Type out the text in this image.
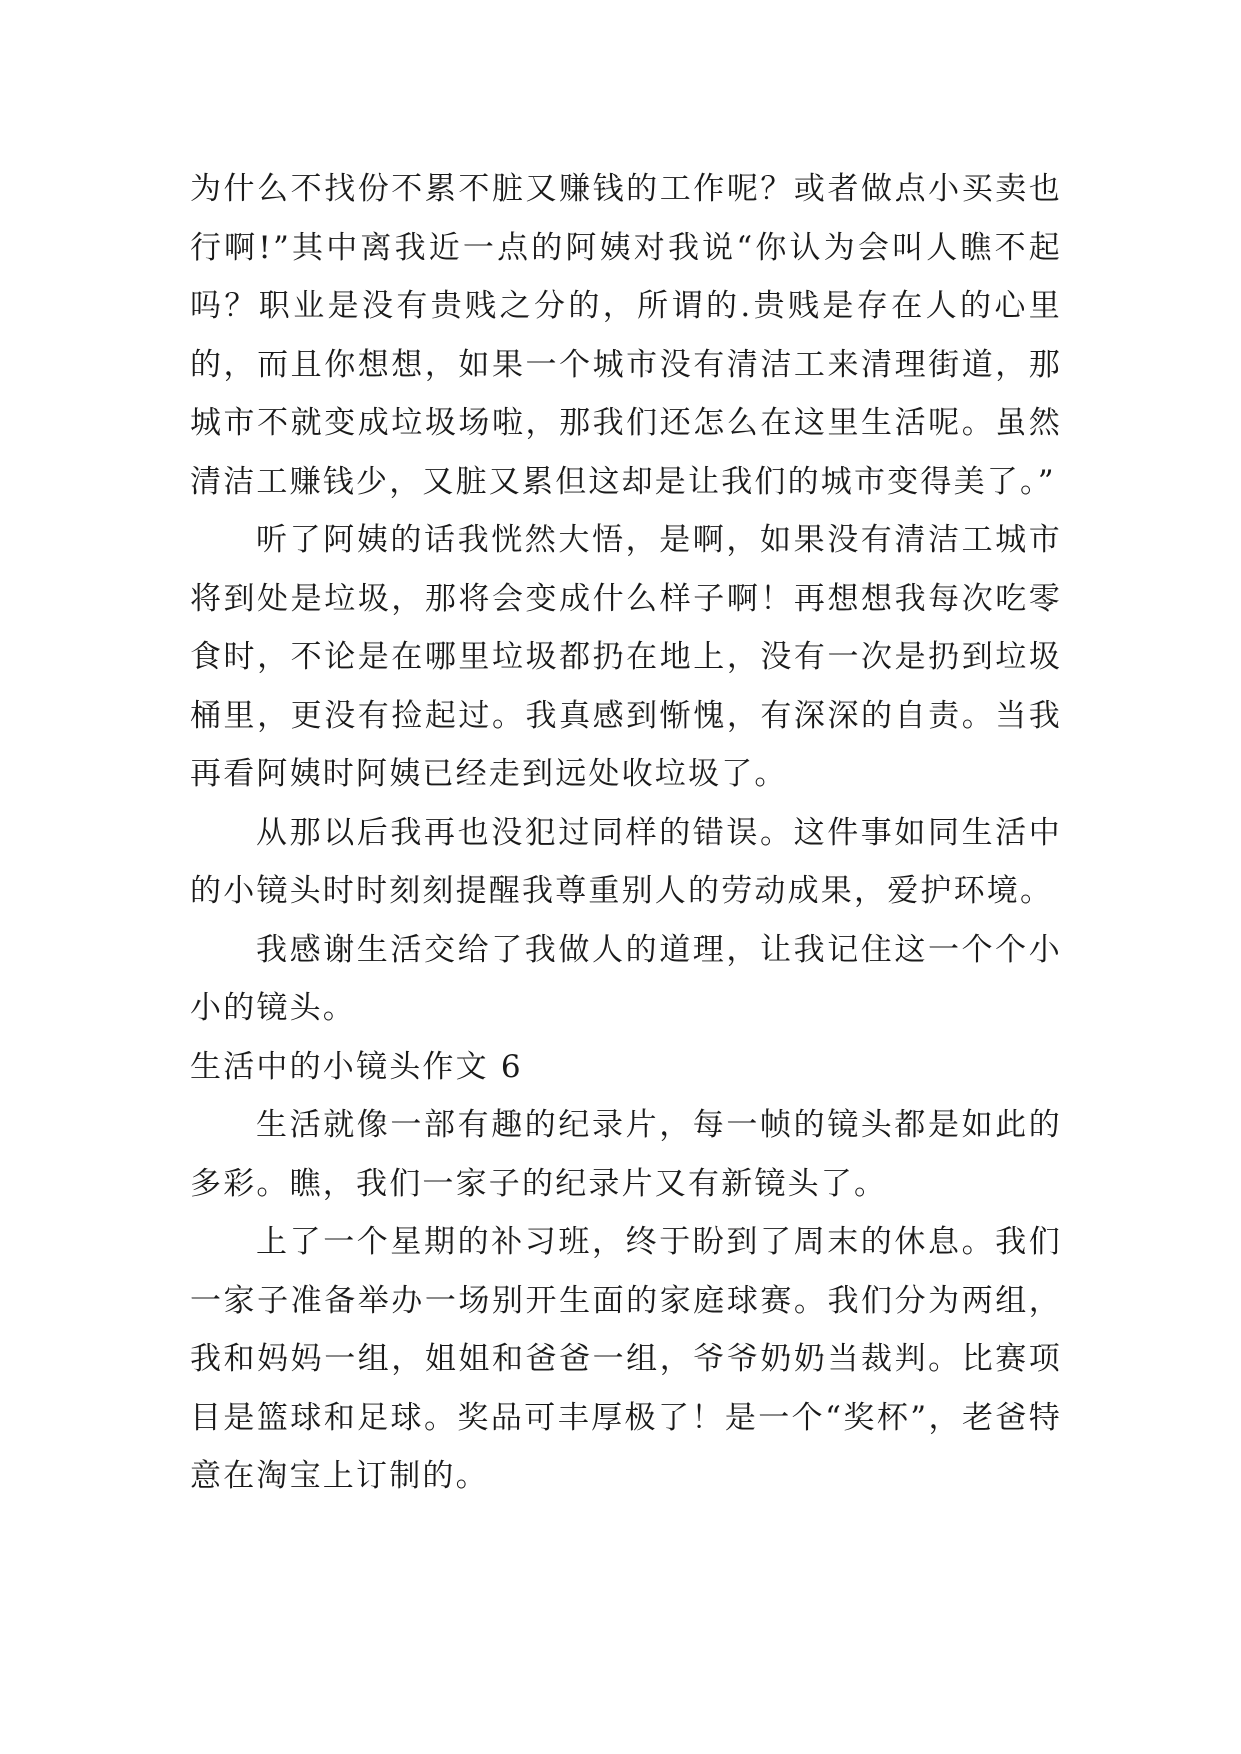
为什么不找份不累不脏又赚钱的工作呢？或者做点小买卖也行啊!”其中离我近一点的阿姨对我说“你认为会叫人瞧不起吗？职业是没有贵贱之分的，所谓的.贵贱是存在人的心里的，而且你想想，如果一个城市没有清洁工来清理街道，那城市不就变成垃圾场啦，那我们还怎么在这里生活呢。虽然清洁工赚钱少，又脏又累但这却是让我们的城市变得美了。”

听了阿姨的话我恍然大悟，是啊，如果没有清洁工城市将到处是垃圾，那将会变成什么样子啊！再想想我每次吃零食时，不论是在哪里垃圾都扔在地上，没有一次是扔到垃圾桶里，更没有捡起过。我真感到惭愧，有深深的自责。当我再看阿姨时阿姨已经走到远处收垃圾了。

从那以后我再也没犯过同样的错误。这件事如同生活中的小镜头时时刻刻提醒我尊重别人的劳动成果，爱护环境。

我感谢生活交给了我做人的道理，让我记住这一个个小小的镜头。

生活中的小镜头作文 6

生活就像一部有趣的纪录片，每一帧的镜头都是如此的多彩。瞧，我们一家子的纪录片又有新镜头了。

上了一个星期的补习班，终于盼到了周末的休息。我们一家子准备举办一场别开生面的家庭球赛。我们分为两组，我和妈妈一组，姐姐和爸爸一组，爷爷奶奶当裁判。比赛项目是篮球和足球。奖品可丰厚极了！是一个“奖杯”，老爸特意在淘宝上订制的。
